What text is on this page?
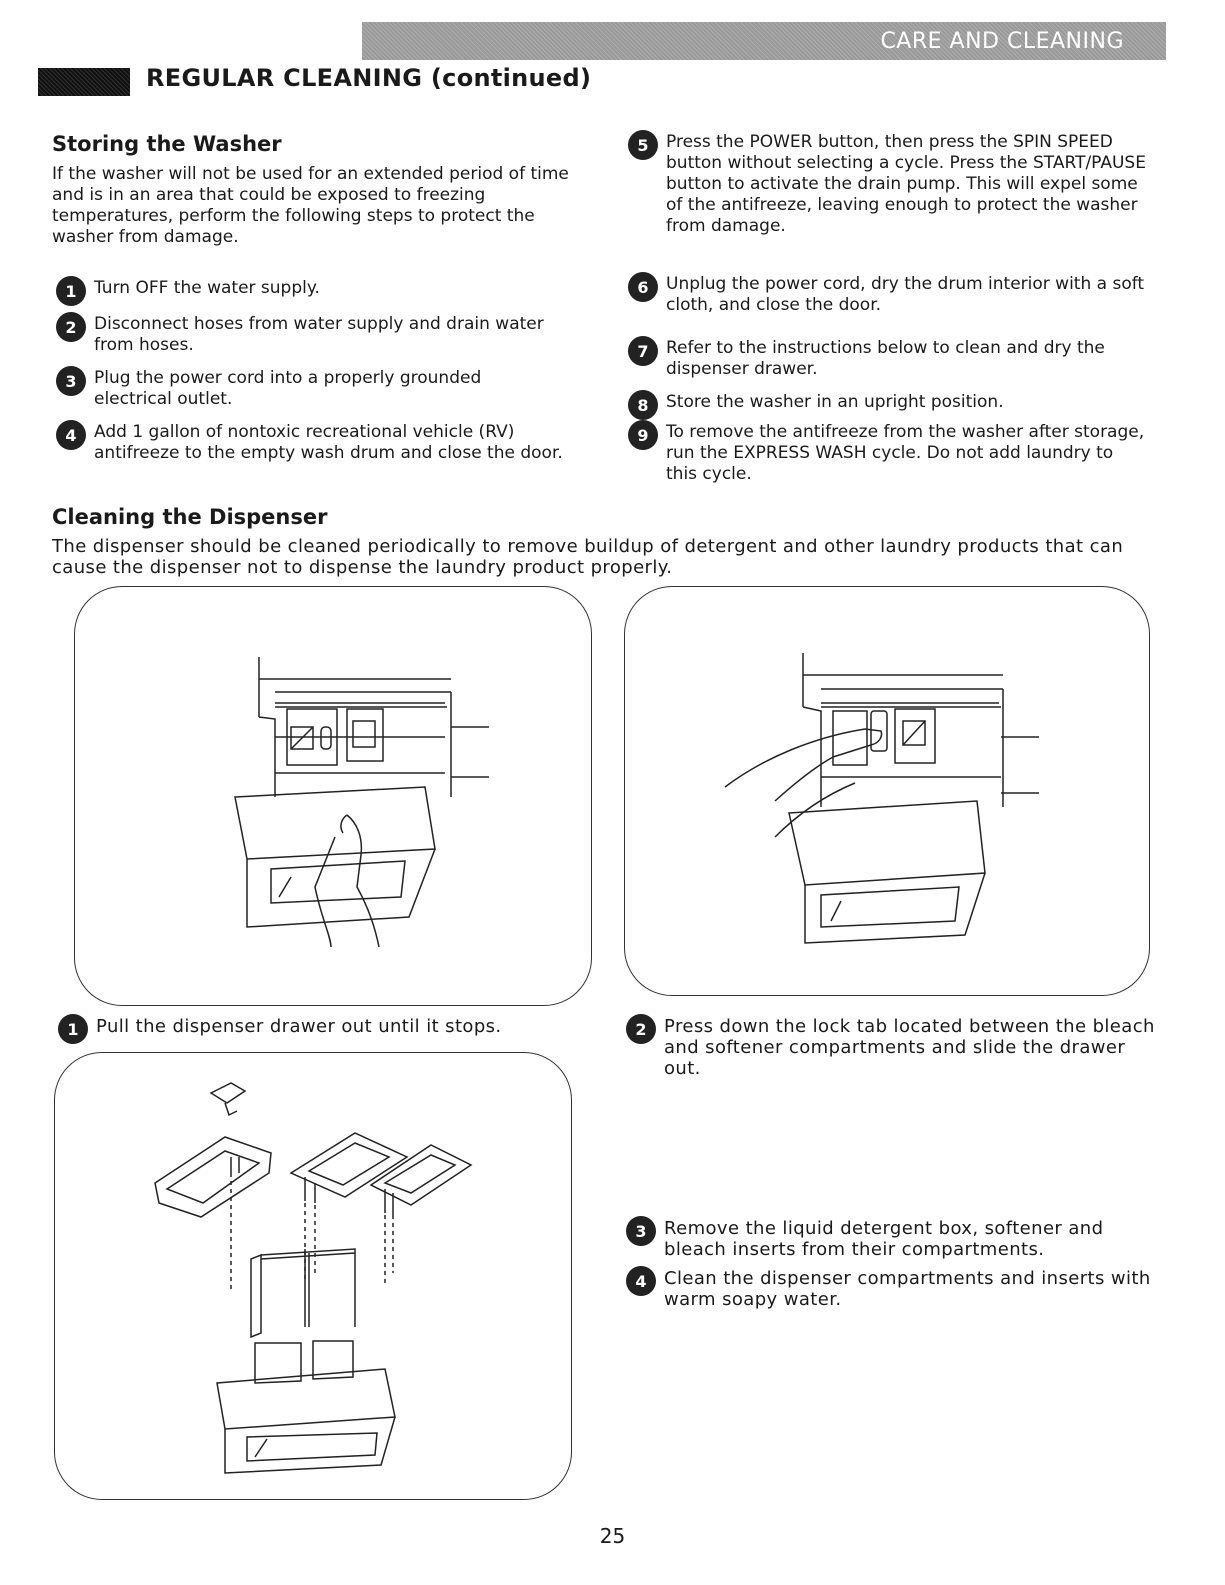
CARE AND CLEANING
REGULAR CLEANING (continued)
Storing the Washer
If the washer will not be used for an extended period of time and is in an area that could be exposed to freezing temperatures, perform the following steps to protect the washer from damage.
1	Turn OFF the water supply.
2	Disconnect hoses from water supply and drain water from hoses.
3	Plug the power cord into a properly grounded electrical outlet.
4	Add 1 gallon of nontoxic recreational vehicle (RV) antifreeze to the empty wash drum and close the door.
5	Press the POWER button, then press the SPIN SPEED button without selecting a cycle. Press the START/PAUSE button to activate the drain pump. This will expel some of the antifreeze, leaving enough to protect the washer from damage.
6	Unplug the power cord, dry the drum interior with a soft cloth, and close the door.
7	Refer to the instructions below to clean and dry the dispenser drawer.
8	Store the washer in an upright position.
9	To remove the antifreeze from the washer after storage, run the EXPRESS WASH cycle. Do not add laundry to this cycle.
Cleaning the Dispenser
The dispenser should be cleaned periodically to remove buildup of detergent and other laundry products that can cause the dispenser not to dispense the laundry product properly.
1 Pull the dispenser drawer out until it stops.	2 Press down the lock tab located between the bleach and softener compartments and slide the drawer out.
3 Remove the liquid detergent box, softener and bleach inserts from their compartments.
4 Clean the dispenser compartments and inserts with warm soapy water.
25
